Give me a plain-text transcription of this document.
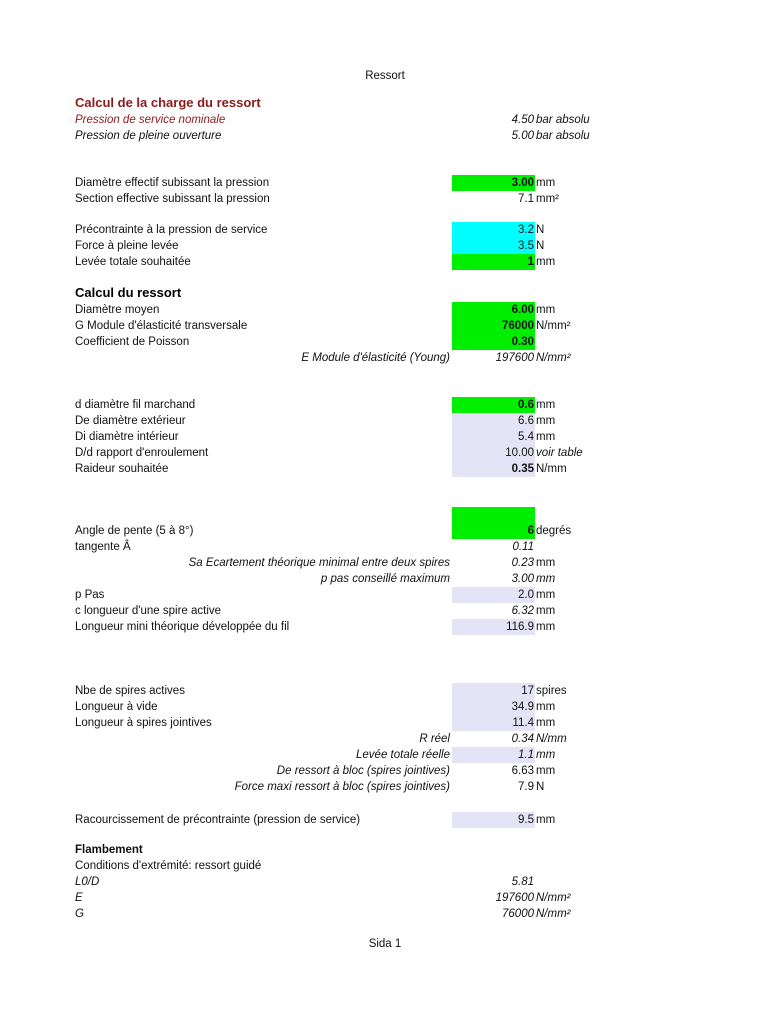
Ressort
Calcul de la charge du ressort
Pression de service nominale	4.50 bar absolu
Pression de pleine ouverture	5.00 bar absolu
Diamètre effectif subissant la pression	3.00 mm
Section effective subissant la pression	7.1 mm²
Précontrainte à la pression de service	3.2 N
Force à pleine levée	3.5 N
Levée totale souhaitée	1 mm
Calcul du ressort
Diamètre moyen	6.00 mm
G Module d'élasticité transversale	76000 N/mm²
Coefficient de Poisson	0.30
E Module d'élasticité (Young)	197600 N/mm²
d diamètre fil marchand	0.6 mm
De diamètre extérieur	6.6 mm
Di diamètre intérieur	5.4 mm
D/d rapport d'enroulement	10.00 voir table
Raideur souhaitée	0.35 N/mm
Angle de pente (5 à 8°)	6 degrés
tangente Â	0.11
Sa Ecartement théorique minimal entre deux spires	0.23 mm
p pas conseillé maximum	3.00 mm
p Pas	2.0 mm
c longueur d'une spire active	6.32 mm
Longueur mini théorique développée du fil	116.9 mm
Nbe de spires actives	17 spires
Longueur à vide	34.9 mm
Longueur à spires jointives	11.4 mm
R réel	0.34 N/mm
Levée totale réelle	1.1 mm
De ressort à bloc (spires jointives)	6.63 mm
Force maxi ressort à bloc (spires jointives)	7.9 N
Racourcissement de précontrainte (pression de service)	9.5 mm
Flambement
Conditions d'extrémité: ressort guidé
L0/D	5.81
E	197600 N/mm²
G	76000 N/mm²
Sida 1
